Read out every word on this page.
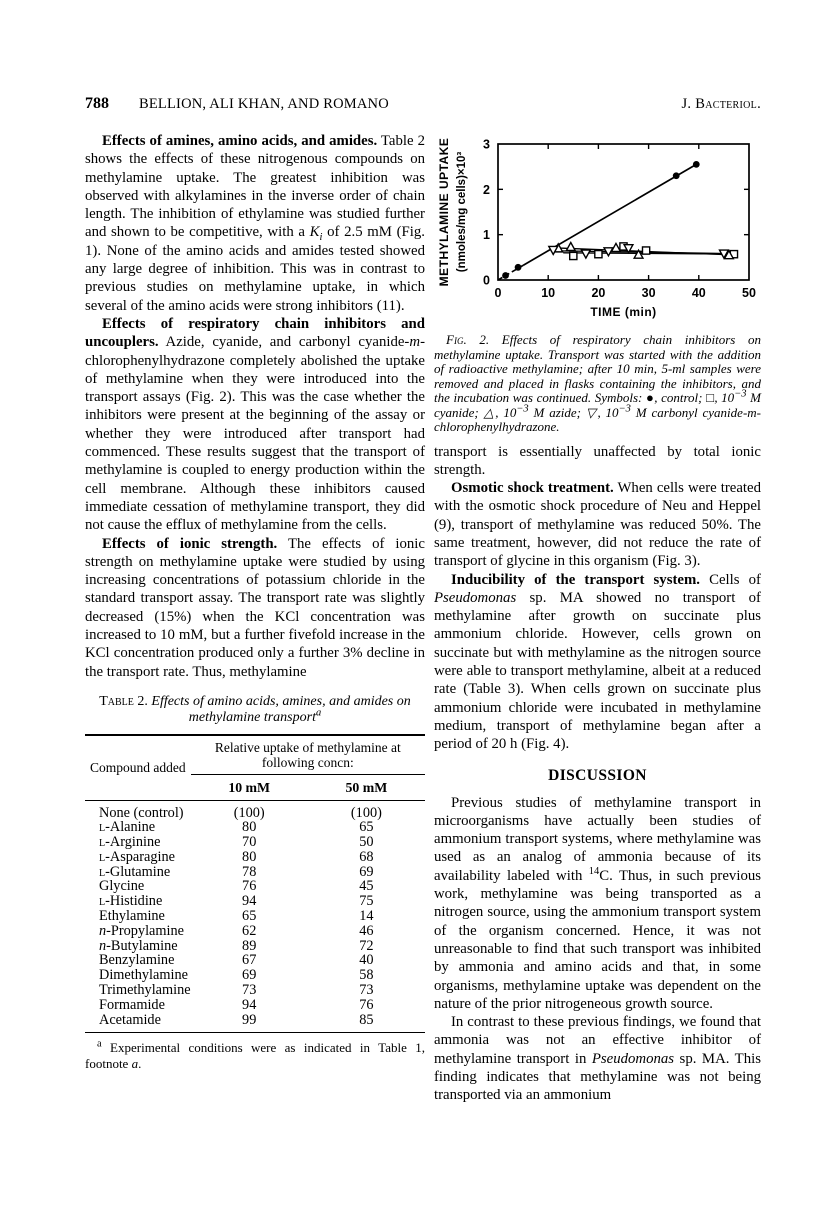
788 BELLION, ALI KHAN, AND ROMANO	J. Bacteriol.

Effects of amines, amino acids, and amides. Table 2 shows the effects of these nitrogenous compounds on methylamine uptake. The greatest inhibition was observed with alkylamines in the inverse order of chain length. The inhibition of ethylamine was studied further and shown to be competitive, with a $K_i$ of 2.5 mM (Fig. 1). None of the amino acids and amides tested showed any large degree of inhibition. This was in contrast to previous studies on methylamine uptake, in which several of the amino acids were strong inhibitors (11).

Effects of respiratory chain inhibitors and uncouplers. Azide, cyanide, and carbonyl cyanide-m-chlorophenylhydrazone completely abolished the uptake of methylamine when they were introduced into the transport assays (Fig. 2). This was the case whether the inhibitors were present at the beginning of the assay or whether they were introduced after transport had commenced. These results suggest that the transport of methylamine is coupled to energy production within the cell membrane. Although these inhibitors caused immediate cessation of methylamine transport, they did not cause the efflux of methylamine from the cells.

Effects of ionic strength. The effects of ionic strength on methylamine uptake were studied by using increasing concentrations of potassium chloride in the standard transport assay. The transport rate was slightly decreased (15%) when the KCl concentration was increased to 10 mM, but a further fivefold increase in the KCl concentration produced only a further 3% decline in the transport rate. Thus, methylamine

Table 2. Effects of amino acids, amines, and amides on methylamine transport$^a$

Compound added	Relative uptake of methylamine at following concn:	
	10 mM	50 mM
None (control)	(100)	(100)
l-Alanine	80	65
l-Arginine	70	50
l-Asparagine	80	68
l-Glutamine	78	69
Glycine	76	45
l-Histidine	94	75
Ethylamine	65	14
n-Propylamine	62	46
n-Butylamine	89	72
Benzylamine	67	40
Dimethylamine	69	58
Trimethylamine	73	73
Formamide	94	76
Acetamide	99	85

$^a$ Experimental conditions were as indicated in Table 1, footnote a.

0	10	20	30	40	50
0
1
2
3
TIME (min)
METHYLAMINE UPTAKE (nmoles/mg cells)×10³
Fig. 2. Effects of respiratory chain inhibitors on methylamine uptake. Transport was started with the addition of radioactive methylamine; after 10 min, 5-ml samples were removed and placed in flasks containing the inhibitors, and the incubation was continued. Symbols: ●, control; □, $10^{-3}$ M cyanide; △, $10^{-3}$ M azide; ▽, $10^{-3}$ M carbonyl cyanide-m-chlorophenylhydrazone.

transport is essentially unaffected by total ionic strength.

Osmotic shock treatment. When cells were treated with the osmotic shock procedure of Neu and Heppel (9), transport of methylamine was reduced 50%. The same treatment, however, did not reduce the rate of transport of glycine in this organism (Fig. 3).

Inducibility of the transport system. Cells of Pseudomonas sp. MA showed no transport of methylamine after growth on succinate plus ammonium chloride. However, cells grown on succinate but with methylamine as the nitrogen source were able to transport methylamine, albeit at a reduced rate (Table 3). When cells grown on succinate plus ammonium chloride were incubated in methylamine medium, transport of methylamine began after a period of 20 h (Fig. 4).

DISCUSSION

Previous studies of methylamine transport in microorganisms have actually been studies of ammonium transport systems, where methylamine was used as an analog of ammonia because of its availability labeled with $^{14}$C. Thus, in such previous work, methylamine was being transported as a nitrogen source, using the ammonium transport system of the organism concerned. Hence, it was not unreasonable to find that such transport was inhibited by ammonia and amino acids and that, in some organisms, methylamine uptake was dependent on the nature of the prior nitrogeneous growth source.

In contrast to these previous findings, we found that ammonia was not an effective inhibitor of methylamine transport in Pseudomonas sp. MA. This finding indicates that methylamine was not being transported via an ammonium
